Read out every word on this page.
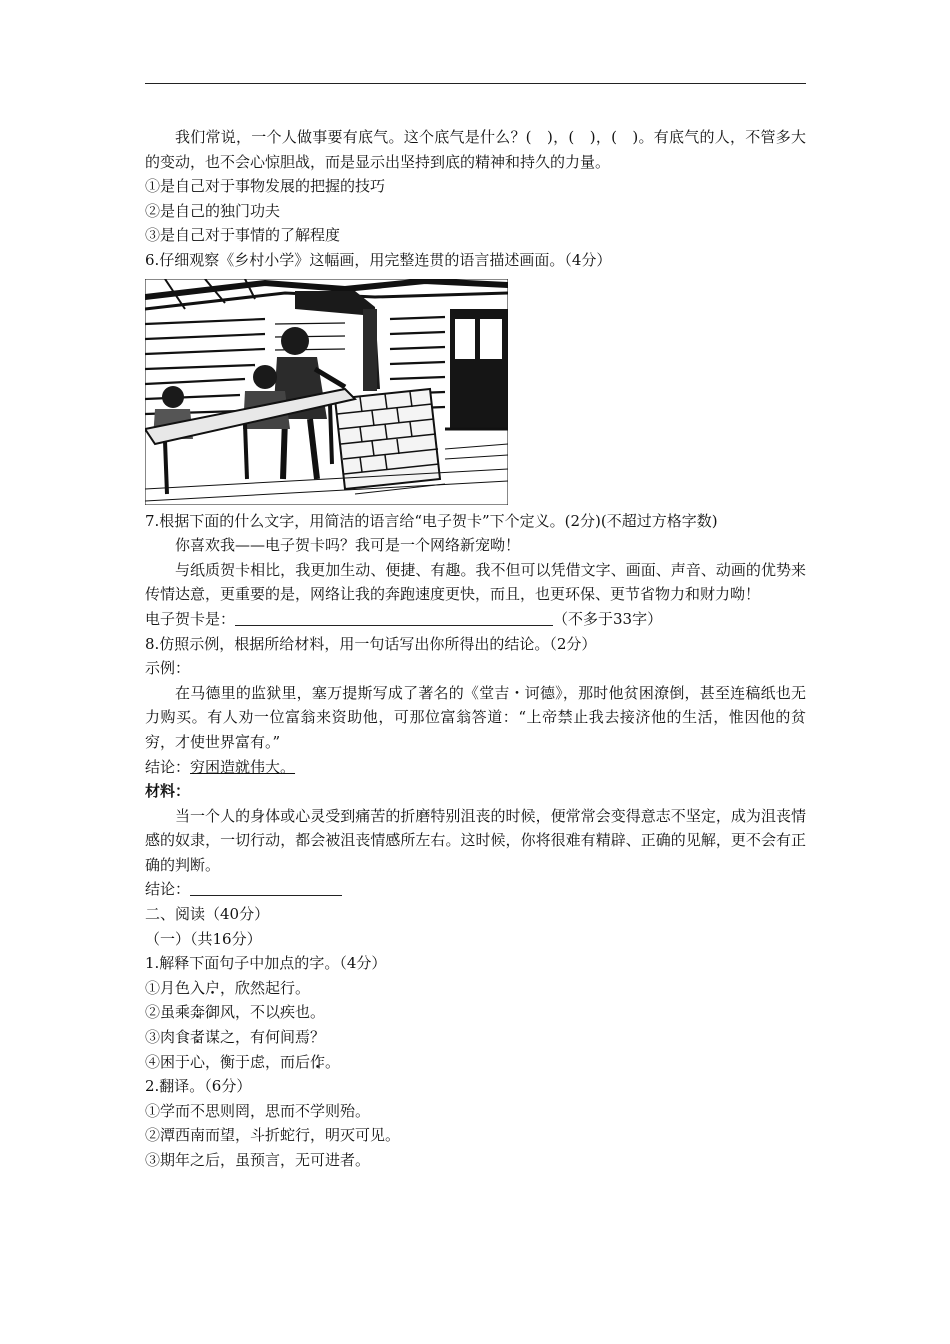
我们常说，一个人做事要有底气。这个底气是什么？(　)，(　)，(　)。有底气的人，不管多大的变动，也不会心惊胆战，而是显示出坚持到底的精神和持久的力量。

①是自己对于事物发展的把握的技巧

②是自己的独门功夫

③是自己对于事情的了解程度

6.仔细观察《乡村小学》这幅画，用完整连贯的语言描述画面。（4分）

7.根据下面的什么文字，用简洁的语言给“电子贺卡”下个定义。(2分)(不超过方格字数)

你喜欢我——电子贺卡吗？我可是一个网络新宠呦！

与纸质贺卡相比，我更加生动、便捷、有趣。我不但可以凭借文字、画面、声音、动画的优势来传情达意，更重要的是，网络让我的奔跑速度更快，而且，也更环保、更节省物力和财力呦！

电子贺卡是：	（不多于33字）

8.仿照示例，根据所给材料，用一句话写出你所得出的结论。（2分）

示例：

在马德里的监狱里，塞万提斯写成了著名的《堂吉・诃德》，那时他贫困潦倒，甚至连稿纸也无力购买。有人劝一位富翁来资助他，可那位富翁答道：“上帝禁止我去接济他的生活，惟因他的贫穷，才使世界富有。”

结论：穷困造就伟大。

材料：

当一个人的身体或心灵受到痛苦的折磨特别沮丧的时候，便常常会变得意志不坚定，成为沮丧情感的奴隶，一切行动，都会被沮丧情感所左右。这时候，你将很难有精辟、正确的见解，更不会有正确的判断。

结论：

二、阅读（40分）

（一）（共16分）

1.解释下面句子中加点的字。（4分）

①月色入户，欣然起行。

②虽乘奔御风，不以疾也。

③肉食者谋之，有何间焉？

④困于心，衡于虑，而后作。

2.翻译。（6分）

①学而不思则罔，思而不学则殆。

②潭西南而望，斗折蛇行，明灭可见。

③期年之后，虽预言，无可进者。
